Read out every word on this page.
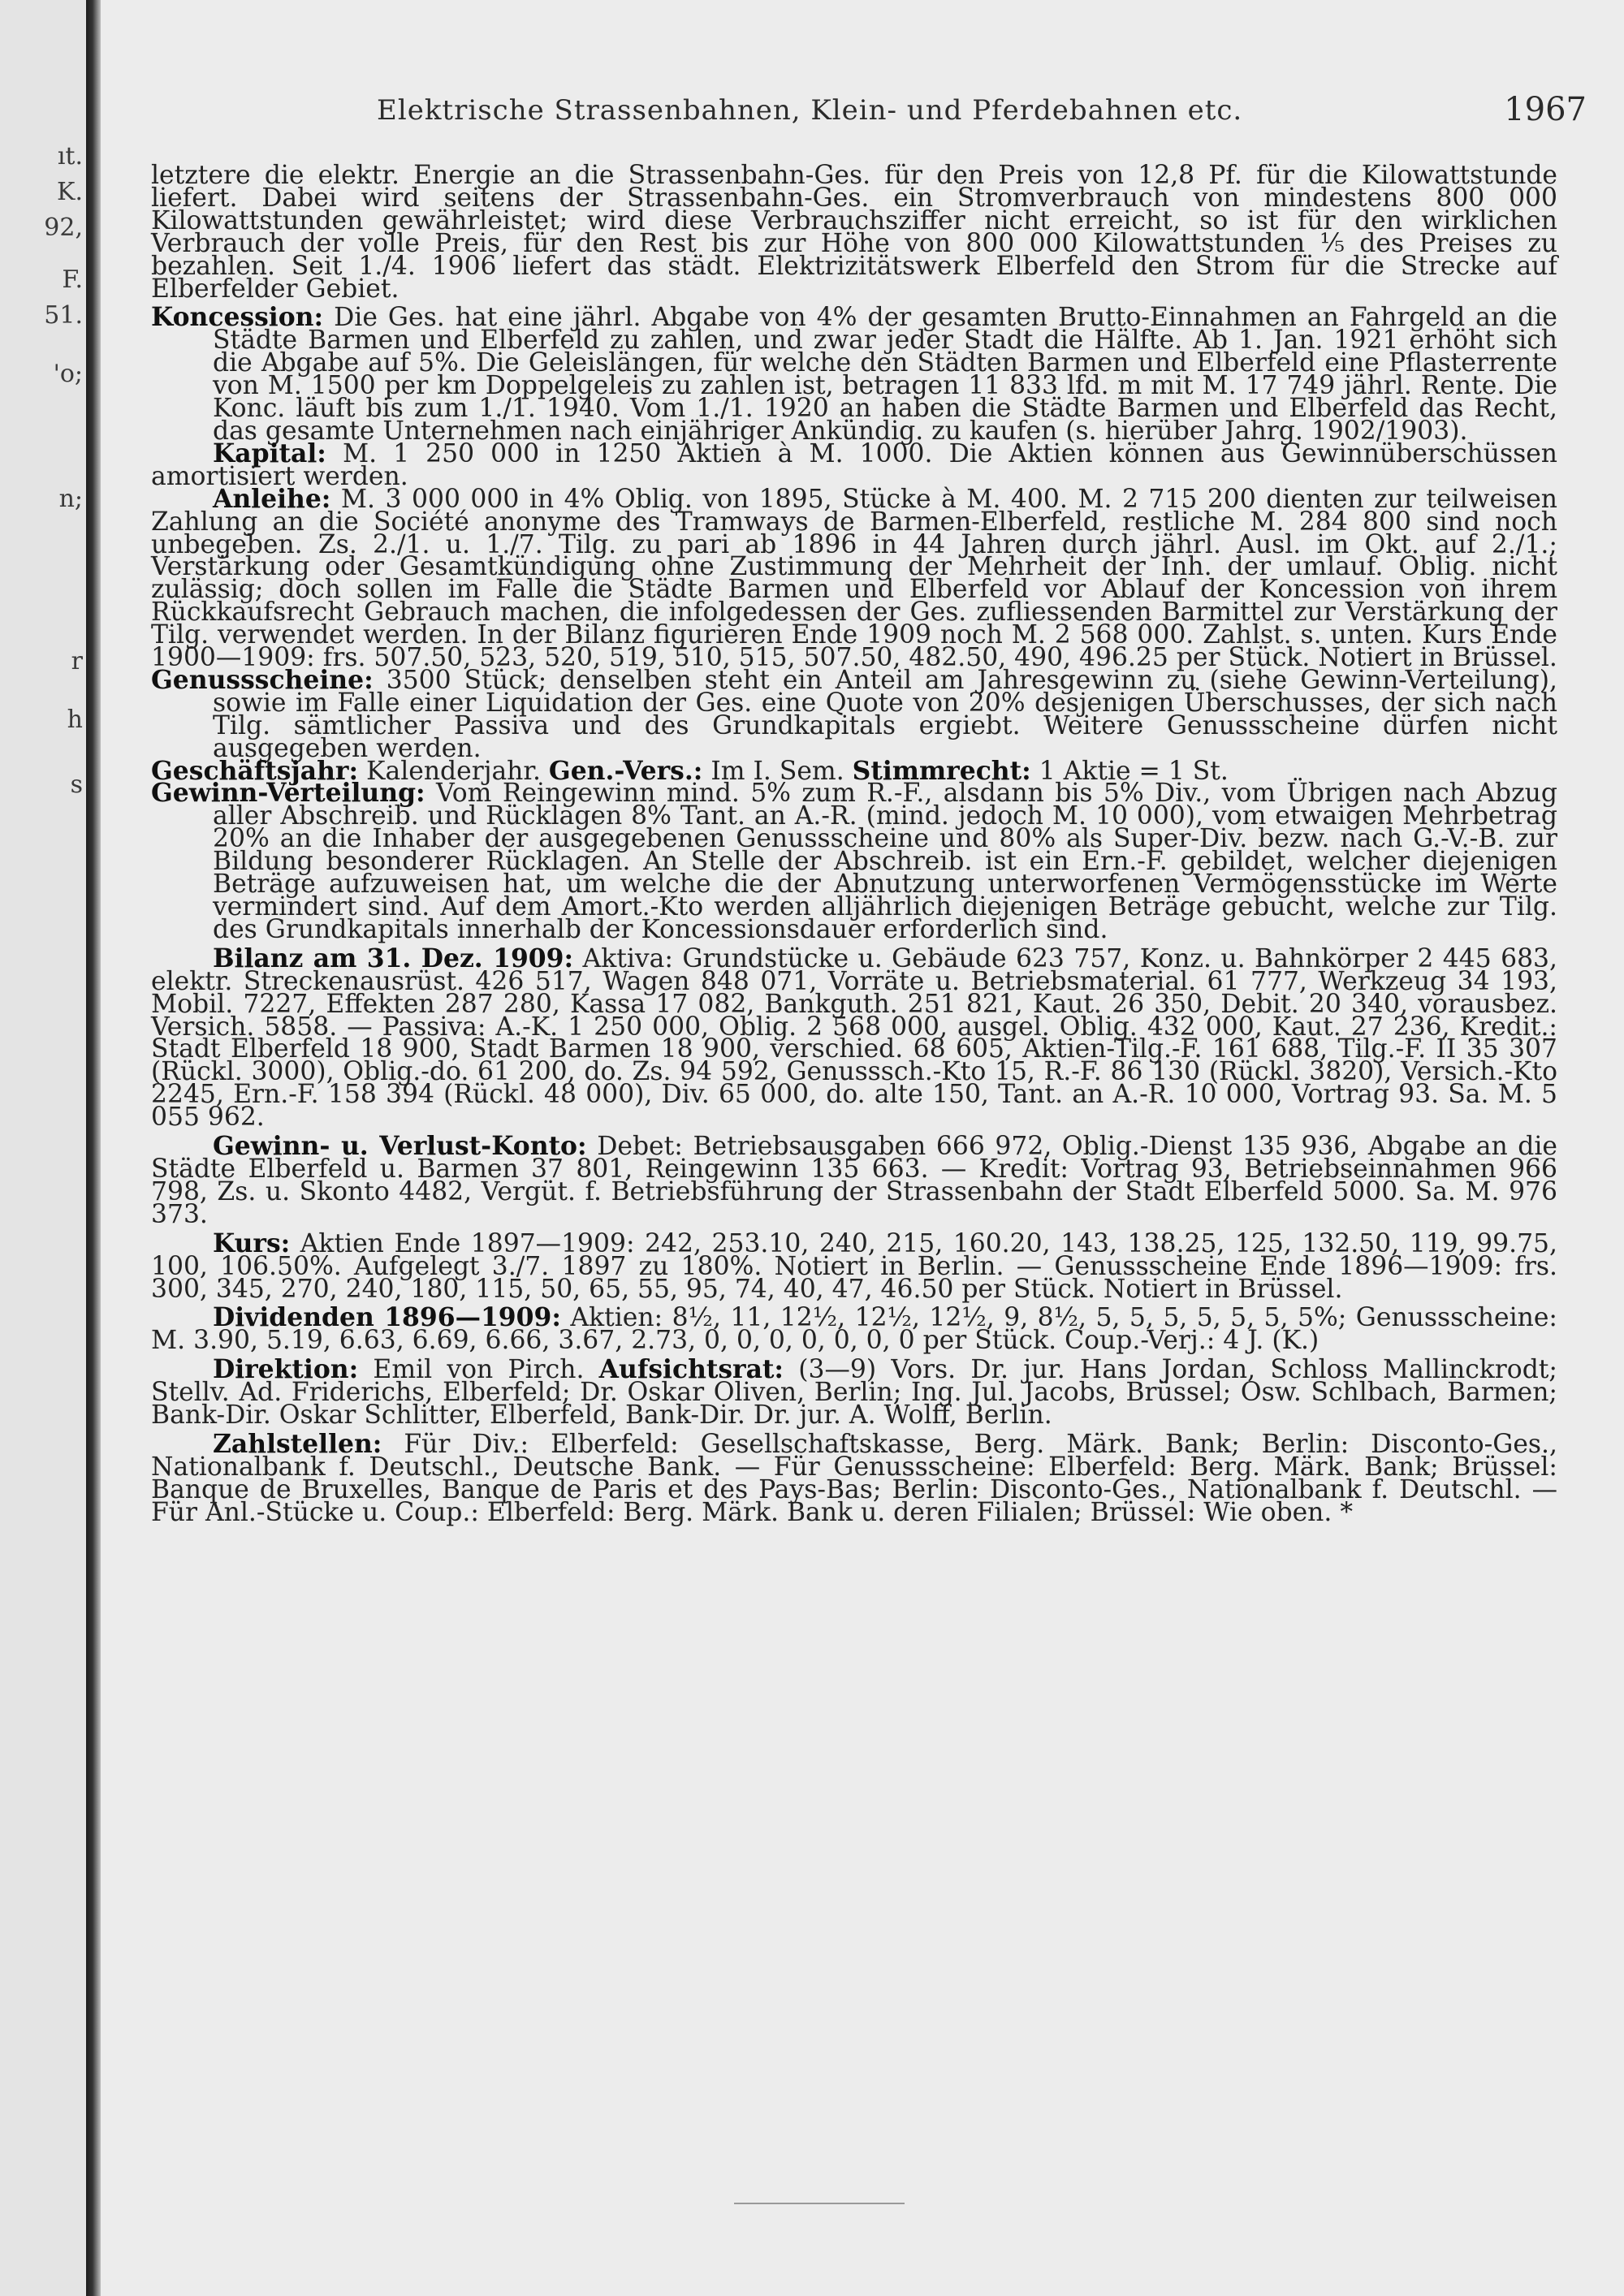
ıt.
K.
92,
F.
51.
'o;
n;
r
h
s
Elektrische Strassenbahnen, Klein- und Pferdebahnen etc.	1967

letztere die elektr. Energie an die Strassenbahn-Ges. für den Preis von 12,8 Pf. für die Kilowattstunde liefert. Dabei wird seitens der Strassenbahn-Ges. ein Stromverbrauch von mindestens 800 000 Kilowattstunden gewährleistet; wird diese Verbrauchsziffer nicht erreicht, so ist für den wirklichen Verbrauch der volle Preis, für den Rest bis zur Höhe von 800 000 Kilowattstunden ⅕ des Preises zu bezahlen. Seit 1./4. 1906 liefert das städt. Elektrizitätswerk Elberfeld den Strom für die Strecke auf Elberfelder Gebiet.

Koncession: Die Ges. hat eine jährl. Abgabe von 4% der gesamten Brutto-Einnahmen an Fahrgeld an die Städte Barmen und Elberfeld zu zahlen, und zwar jeder Stadt die Hälfte. Ab 1. Jan. 1921 erhöht sich die Abgabe auf 5%. Die Geleislängen, für welche den Städten Barmen und Elberfeld eine Pflasterrente von M. 1500 per km Doppelgeleis zu zahlen ist, betragen 11 833 lfd. m mit M. 17 749 jährl. Rente. Die Konc. läuft bis zum 1./1. 1940. Vom 1./1. 1920 an haben die Städte Barmen und Elberfeld das Recht, das gesamte Unternehmen nach einjähriger Ankündig. zu kaufen (s. hierüber Jahrg. 1902/1903).

Kapital: M. 1 250 000 in 1250 Aktien à M. 1000. Die Aktien können aus Gewinnüberschüssen amortisiert werden.

Anleihe: M. 3 000 000 in 4% Oblig. von 1895, Stücke à M. 400. M. 2 715 200 dienten zur teilweisen Zahlung an die Société anonyme des Tramways de Barmen-Elberfeld, restliche M. 284 800 sind noch unbegeben. Zs. 2./1. u. 1./7. Tilg. zu pari ab 1896 in 44 Jahren durch jährl. Ausl. im Okt. auf 2./1.; Verstärkung oder Gesamtkündigung ohne Zustimmung der Mehrheit der Inh. der umlauf. Oblig. nicht zulässig; doch sollen im Falle die Städte Barmen und Elberfeld vor Ablauf der Koncession von ihrem Rückkaufsrecht Gebrauch machen, die infolgedessen der Ges. zufliessenden Barmittel zur Verstärkung der Tilg. verwendet werden. In der Bilanz figurieren Ende 1909 noch M. 2 568 000. Zahlst. s. unten. Kurs Ende 1900—1909: frs. 507.50, 523, 520, 519, 510, 515, 507.50, 482.50, 490, 496.25 per Stück. Notiert in Brüssel.

Genussscheine: 3500 Stück; denselben steht ein Anteil am Jahresgewinn zu (siehe Gewinn-Verteilung), sowie im Falle einer Liquidation der Ges. eine Quote von 20% desjenigen Überschusses, der sich nach Tilg. sämtlicher Passiva und des Grundkapitals ergiebt. Weitere Genussscheine dürfen nicht ausgegeben werden.

Geschäftsjahr: Kalenderjahr. Gen.-Vers.: Im I. Sem. Stimmrecht: 1 Aktie = 1 St.

Gewinn-Verteilung: Vom Reingewinn mind. 5% zum R.-F., alsdann bis 5% Div., vom Übrigen nach Abzug aller Abschreib. und Rücklagen 8% Tant. an A.-R. (mind. jedoch M. 10 000), vom etwaigen Mehrbetrag 20% an die Inhaber der ausgegebenen Genussscheine und 80% als Super-Div. bezw. nach G.-V.-B. zur Bildung besonderer Rücklagen. An Stelle der Abschreib. ist ein Ern.-F. gebildet, welcher diejenigen Beträge aufzuweisen hat, um welche die der Abnutzung unterworfenen Vermögensstücke im Werte vermindert sind. Auf dem Amort.-Kto werden alljährlich diejenigen Beträge gebucht, welche zur Tilg. des Grundkapitals innerhalb der Koncessionsdauer erforderlich sind.

Bilanz am 31. Dez. 1909: Aktiva: Grundstücke u. Gebäude 623 757, Konz. u. Bahnkörper 2 445 683, elektr. Streckenausrüst. 426 517, Wagen 848 071, Vorräte u. Betriebsmaterial. 61 777, Werkzeug 34 193, Mobil. 7227, Effekten 287 280, Kassa 17 082, Bankguth. 251 821, Kaut. 26 350, Debit. 20 340, vorausbez. Versich. 5858. — Passiva: A.-K. 1 250 000, Oblig. 2 568 000, ausgel. Oblig. 432 000, Kaut. 27 236, Kredit.: Stadt Elberfeld 18 900, Stadt Barmen 18 900, verschied. 68 605, Aktien-Tilg.-F. 161 688, Tilg.-F. II 35 307 (Rückl. 3000), Oblig.-do. 61 200, do. Zs. 94 592, Genusssch.-Kto 15, R.-F. 86 130 (Rückl. 3820), Versich.-Kto 2245, Ern.-F. 158 394 (Rückl. 48 000), Div. 65 000, do. alte 150, Tant. an A.-R. 10 000, Vortrag 93. Sa. M. 5 055 962.

Gewinn- u. Verlust-Konto: Debet: Betriebsausgaben 666 972, Oblig.-Dienst 135 936, Abgabe an die Städte Elberfeld u. Barmen 37 801, Reingewinn 135 663. — Kredit: Vortrag 93, Betriebseinnahmen 966 798, Zs. u. Skonto 4482, Vergüt. f. Betriebsführung der Strassenbahn der Stadt Elberfeld 5000. Sa. M. 976 373.

Kurs: Aktien Ende 1897—1909: 242, 253.10, 240, 215, 160.20, 143, 138.25, 125, 132.50, 119, 99.75, 100, 106.50%. Aufgelegt 3./7. 1897 zu 180%. Notiert in Berlin. — Genussscheine Ende 1896—1909: frs. 300, 345, 270, 240, 180, 115, 50, 65, 55, 95, 74, 40, 47, 46.50 per Stück. Notiert in Brüssel.

Dividenden 1896—1909: Aktien: 8½, 11, 12½, 12½, 12½, 9, 8½, 5, 5, 5, 5, 5, 5, 5%; Genussscheine: M. 3.90, 5.19, 6.63, 6.69, 6.66, 3.67, 2.73, 0, 0, 0, 0, 0, 0, 0 per Stück. Coup.-Verj.: 4 J. (K.)

Direktion: Emil von Pirch. Aufsichtsrat: (3—9) Vors. Dr. jur. Hans Jordan, Schloss Mallinckrodt; Stellv. Ad. Friderichs, Elberfeld; Dr. Oskar Oliven, Berlin; Ing. Jul. Jacobs, Brüssel; Osw. Schlbach, Barmen; Bank-Dir. Oskar Schlitter, Elberfeld, Bank-Dir. Dr. jur. A. Wolff, Berlin.

Zahlstellen: Für Div.: Elberfeld: Gesellschaftskasse, Berg. Märk. Bank; Berlin: Disconto-Ges., Nationalbank f. Deutschl., Deutsche Bank. — Für Genussscheine: Elberfeld: Berg. Märk. Bank; Brüssel: Banque de Bruxelles, Banque de Paris et des Pays-Bas; Berlin: Disconto-Ges., Nationalbank f. Deutschl. — Für Anl.-Stücke u. Coup.: Elberfeld: Berg. Märk. Bank u. deren Filialen; Brüssel: Wie oben. *
